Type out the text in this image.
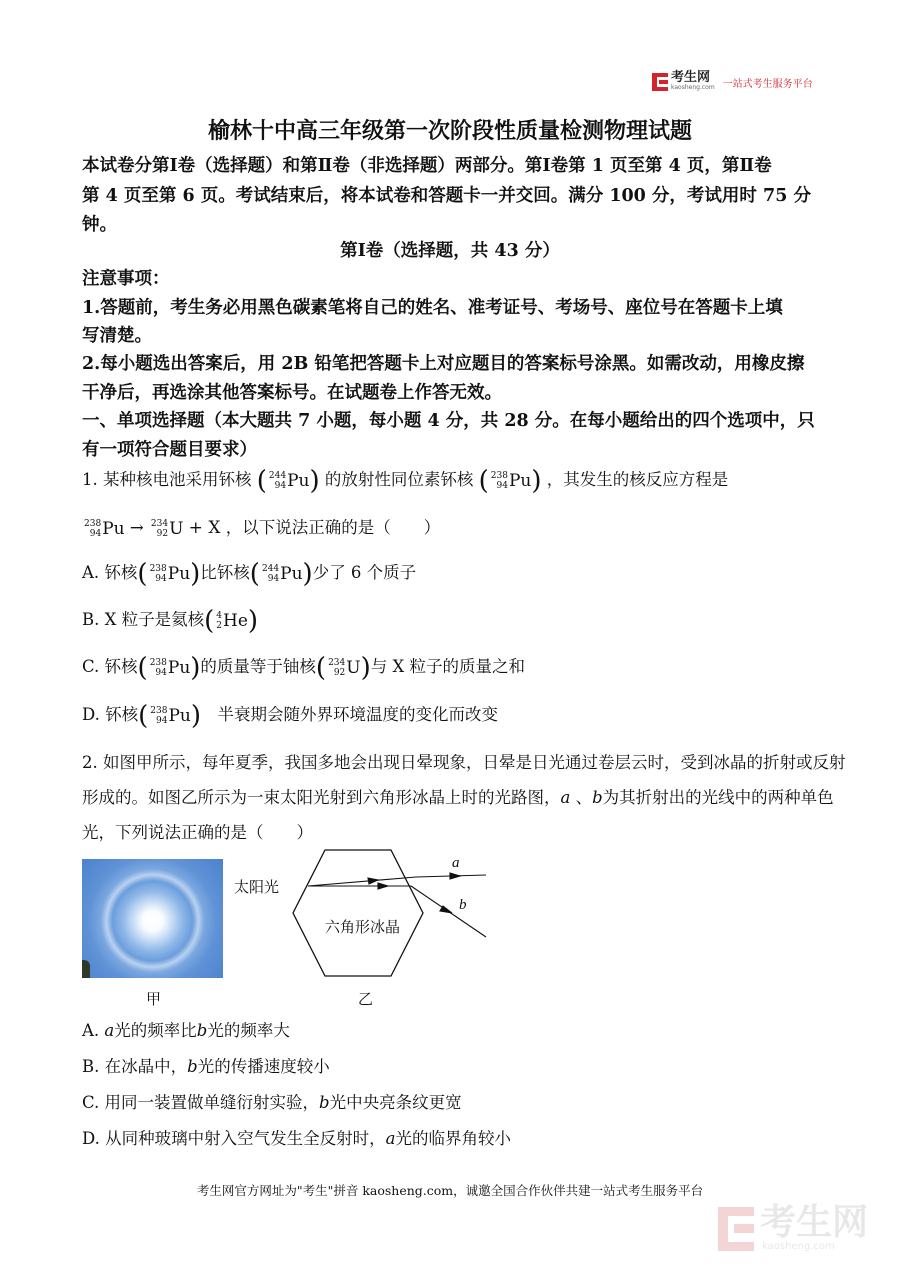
考生网
kaosheng.com 一站式考生服务平台
榆林十中高三年级第一次阶段性质量检测物理试题
本试卷分第Ⅰ卷（选择题）和第Ⅱ卷（非选择题）两部分。第Ⅰ卷第 1 页至第 4 页，第Ⅱ卷
第 4 页至第 6 页。考试结束后，将本试卷和答题卡一并交回。满分 100 分，考试用时 75 分
钟。
第Ⅰ卷（选择题，共 43 分）
注意事项：
1.答题前，考生务必用黑色碳素笔将自己的姓名、准考证号、考场号、座位号在答题卡上填
写清楚。
2.每小题选出答案后，用 2B 铅笔把答题卡上对应题目的答案标号涂黑。如需改动，用橡皮擦
干净后，再选涂其他答案标号。在试题卷上作答无效。
一、单项选择题（本大题共 7 小题，每小题 4 分，共 28 分。在每小题给出的四个选项中，只
有一项符合题目要求）
1. 某种核电池采用钚核 ( 244
94 Pu ) 的放射性同位素钚核 ( 238
94 Pu ) ，其发生的核反应方程是
238
94 Pu → 234
92 U + X ，以下说法正确的是（　　）
A. 钚核 ( 238
94 Pu ) 比钚核 ( 244
94 Pu ) 少了 6 个质子
B. X 粒子是氦核 ( 4
2 He )
C. 钚核 ( 238
94 Pu ) 的质量等于铀核 ( 234
92 U ) 与 X 粒子的质量之和
D. 钚核 ( 238
94 Pu ) 　半衰期会随外界环境温度的变化而改变
2. 如图甲所示，每年夏季，我国多地会出现日晕现象，日晕是日光通过卷层云时，受到冰晶的折射或反射
形成的。如图乙所示为一束太阳光射到六角形冰晶上时的光路图，a 、b为其折射出的光线中的两种单色
光，下列说法正确的是（　　）
甲
太阳光
六角形冰晶
a
b
乙
A. a光的频率比b光的频率大
B. 在冰晶中，b光的传播速度较小
C. 用同一装置做单缝衍射实验，b光中央亮条纹更宽
D. 从同种玻璃中射入空气发生全反射时，a光的临界角较小
考生网官方网址为"考生"拼音 kaosheng.com，诚邀全国合作伙伴共建一站式考生服务平台
考生网
kaosheng.com
